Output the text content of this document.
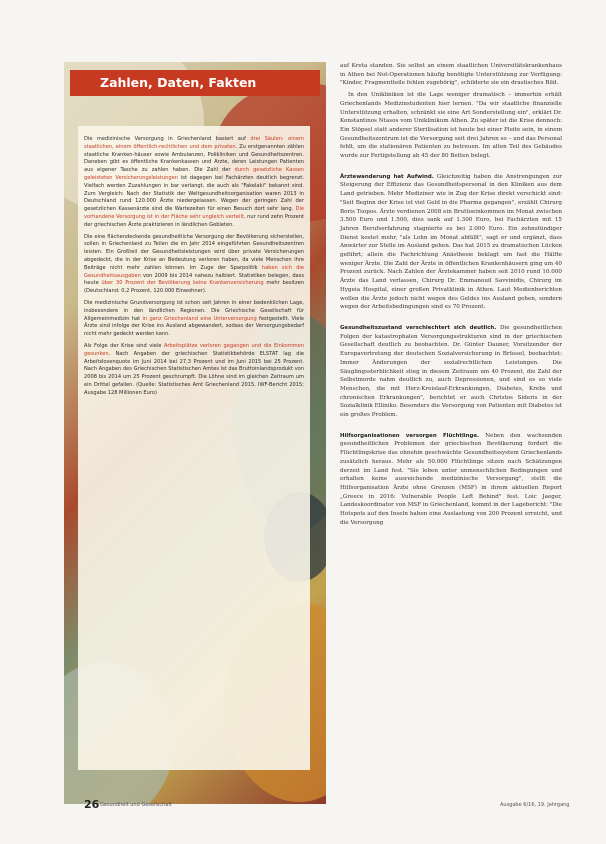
Zahlen, Daten, Fakten

Die medizinische Versorgung in Griechenland basiert auf drei Säulen: einem staatlichen, einem öffentlich-rechtlichen und dem privaten. Zu erstgenannten zählen staatliche Kranken-häuser sowie Ambulanzen, Polikliniken und Gesundheitszentren. Daneben gibt es öffentliche Krankenkassen und Arzte, deren Leistungen Patienten aus eigener Tasche zu zahlen haben. Die Zahl der durch gesetzliche Kassen geleisteten Versicherungsleistungen ist dagegen bei Fachärzten deutlich begrenzt. Vielfach werden Zuzahlungen in bar verlangt, die auch als "Fakelaki" bekannt sind. Zum Vergleich: Nach der Statistik der Weltgesundheitsorganisation waren 2013 in Deutschland rund 120.000 Ärzte niedergelassen. Wegen der geringen Zahl der gesetzlichen Kassenärzte sind die Wartezeiten für einen Besuch dort sehr lang. Die vorhandene Versorgung ist in der Fläche sehr ungleich verteilt, nur rund zehn Prozent der griechischen Ärzte praktizieren in ländlichen Gebieten.

Die eine flächendeckende gesundheitliche Versorgung der Bevölkerung sicherstellen, sollen in Griechenland zu Teilen die im Jahr 2014 eingeführten Gesundheitszentren leisten. Ein Großteil der Gesundheitsleistungen wird über private Versicherungen abgedeckt, die in der Krise an Bedeutung verloren haben, da viele Menschen ihre Beiträge nicht mehr zahlen können. Im Zuge der Sparpolitik haben sich die Gesundheitsausgaben von 2009 bis 2014 nahezu halbiert. Statistiken belegen, dass heute über 30 Prozent der Bevölkerung keine Krankenversicherung mehr besitzen (Deutschland: 0,2 Prozent, 120.000 Einwohner).

Die medizinische Grundversorgung ist schon seit Jahren in einer bedenklichen Lage, insbesondere in den ländlichen Regionen. Die Griechische Gesellschaft für Allgemeinmedizin hat in ganz Griechenland eine Unterversorgung festgestellt. Viele Ärzte sind infolge der Krise ins Ausland abgewandert, sodass der Versorgungsbedarf nicht mehr gedeckt werden kann.

Als Folge der Krise sind viele Arbeitsplätze verloren gegangen und die Einkommen gesunken. Nach Angaben der griechischen Statistikbehörde ELSTAT lag die Arbeitslosenquote im Juni 2014 bei 27,3 Prozent und im Juni 2015 bei 25 Prozent. Nach Angaben des Griechischen Statistischen Amtes ist das Bruttoinlandsprodukt von 2008 bis 2014 um 25 Prozent geschrumpft. Die Löhne sind im gleichen Zeitraum um ein Drittel gefallen. (Quelle: Statistisches Amt Griechenland 2015, IWF-Bericht 2015; Ausgabe 128 Millionen Euro)

auf Kreta standen. Sie selbst an einem staatlichen Universitätskrankenhaus in Athen bei Not-Operationen häufig benötigte Unterstützung zur Verfügung: "Kinder, Fragmentteile fehlen zugehörig", schilderte sie ein drastisches Bild.

In den Unikliniken ist die Lage weniger dramatisch – immerhin erhält Griechenlands Medizinstudenten hier lernen. "Da wir staatliche finanzielle Unterstützung erhalten, schränkt sie eine Art Sonderstellung ein", erklärt Dr. Konstantinos Ntasos vom Uniklinikum Athen. Zu später ist die Krise dennoch: Ein Stöpsel statt anderer Sterilisation ist heute bei einer Pleite sein, in einem Gesundheitszentrum ist die Versorgung seit drei Jahren so – und das Personal fehlt, um die stationären Patienten zu betreuen. Im alten Teil des Gebäudes wurde zur Fertigstellung ab 45 der 80 Betten belegt.

Ärztewanderung hat Aufwind. Gleichzeitig haben die Anstrengungen zur Steigerung der Effizienz das Gesundheitspersonal in den Kliniken aus dem Land getrieben. Mehr Mediziner wie in Zug der Krise direkt verschickt sind: "Seit Beginn der Krise ist viel Geld in die Pharma gegangen", erzählt Chirurg Boris Tsopos. Ärzte verdienen 2008 ein Bruttoeinkommen im Monat zwischen 3.500 Euro und 1.500, dies sank auf 1.300 Euro, bei Fachärzten mit 15 Jahren Berufserfahrung stagnierte es bei 2.000 Euro. Ein zehnstündiger Dienst kostet mehr, "als Lohn im Monat abfällt", sagt er und ergänzt, dass Anwärter zur Stelle im Ausland gehen. Das hat 2015 zu dramatischen Lücken geführt; allein die Fachrichtung Anästhesie beklagt um fast die Hälfte weniger Ärzte. Die Zahl der Ärzte in öffentlichen Krankenhäusern ging um 40 Prozent zurück. Nach Zahlen der Ärztekammer haben seit 2010 rund 10.000 Ärzte das Land verlassen, Chirurg Dr. Emmanouil Savvinidis, Chirurg im Hygeia Hospital, einer großen Privatklinik in Athen. Laut Medienberichten wollen die Ärzte jedoch nicht wegen des Geldes ins Ausland gehen, sondern wegen der Arbeitsbedingungen sind es 70 Prozent.

Gesundheitszustand verschlechtert sich deutlich. Die gesundheitlichen Folgen der katastrophalen Versorgungsstrukturen sind in der griechischen Gesellschaft deutlich zu beobachten. Dr. Günter Dauner, Vorsitzender der Europavertretung der deutschen Sozialversicherung in Brüssel, beobachtet: Immer Änderungen der sozialrechtlichen Leistungen. Die Säuglingssterblichkeit stieg in diesem Zeitraum um 40 Prozent, die Zahl der Selbstmorde nahm deutlich zu, auch Depressionen, und sind es so viele Menschen, die mit Herz-Kreislauf-Erkrankungen, Diabetes, Krebs und chronischen Erkrankungen", berichtet er auch Christos Sideris in der Sozialklinik Elliniko. Besonders die Versorgung von Patienten mit Diabetes ist ein großes Problem.

Hilfsorganisationen versorgen Flüchtlinge. Neben den wachsenden gesundheitlichen Problemen der griechischen Bevölkerung fordert die Flüchtlingskrise das ohnehin geschwächte Gesundheitssystem Griechenlands zusätzlich heraus. Mehr als 50.000 Flüchtlinge sitzen nach Schätzungen derzeit im Land fest. "Sie leben unter unmenschlichen Bedingungen und erhalten keine ausreichende medizinische Versorgung", stellt die Hilfsorganisation Ärzte ohne Grenzen (MSF) in ihrem aktuellen Report „Greece in 2016: Vulnerable People Left Behind" fest. Loic Jaeger, Landeskoordinator von MSF in Griechenland, kommt in der Lagebericht: "Die Hotspots auf den Inseln haben eine Auslastung von 200 Prozent erreicht, und die Versorgung

26 Gesundheit und Gesellschaft	Ausgabe 6/16, 19. Jahrgang
